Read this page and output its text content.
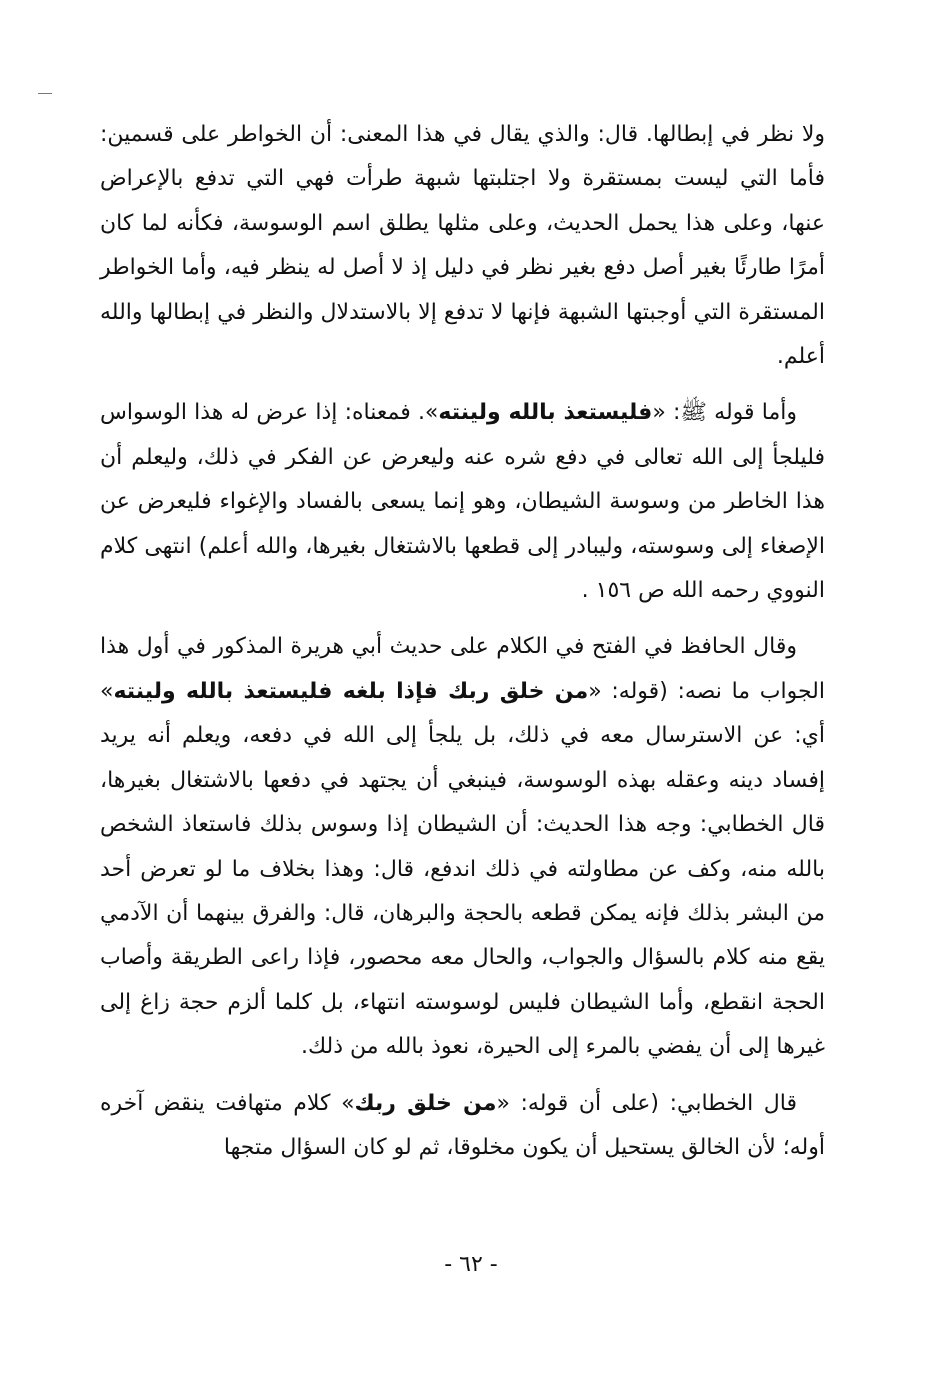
ولا نظر في إبطالها. قال: والذي يقال في هذا المعنى: أن الخواطر على قسمين: فأما التي ليست بمستقرة ولا اجتلبتها شبهة طرأت فهي التي تدفع بالإعراض عنها، وعلى هذا يحمل الحديث، وعلى مثلها يطلق اسم الوسوسة، فكأنه لما كان أمرًا طارئًا بغير أصل دفع بغير نظر في دليل إذ لا أصل له ينظر فيه، وأما الخواطر المستقرة التي أوجبتها الشبهة فإنها لا تدفع إلا بالاستدلال والنظر في إبطالها والله أعلم.

وأما قوله ﷺ: «فليستعذ بالله ولينته». فمعناه: إذا عرض له هذا الوسواس فليلجأ إلى الله تعالى في دفع شره عنه وليعرض عن الفكر في ذلك، وليعلم أن هذا الخاطر من وسوسة الشيطان، وهو إنما يسعى بالفساد والإغواء فليعرض عن الإصغاء إلى وسوسته، وليبادر إلى قطعها بالاشتغال بغيرها، والله أعلم) انتهى كلام النووي رحمه الله ص ١٥٦ .

وقال الحافظ في الفتح في الكلام على حديث أبي هريرة المذكور في أول هذا الجواب ما نصه: (قوله: «من خلق ربك فإذا بلغه فليستعذ بالله ولينته» أي: عن الاسترسال معه في ذلك، بل يلجأ إلى الله في دفعه، ويعلم أنه يريد إفساد دينه وعقله بهذه الوسوسة، فينبغي أن يجتهد في دفعها بالاشتغال بغيرها، قال الخطابي: وجه هذا الحديث: أن الشيطان إذا وسوس بذلك فاستعاذ الشخص بالله منه، وكف عن مطاولته في ذلك اندفع، قال: وهذا بخلاف ما لو تعرض أحد من البشر بذلك فإنه يمكن قطعه بالحجة والبرهان، قال: والفرق بينهما أن الآدمي يقع منه كلام بالسؤال والجواب، والحال معه محصور، فإذا راعى الطريقة وأصاب الحجة انقطع، وأما الشيطان فليس لوسوسته انتهاء، بل كلما ألزم حجة زاغ إلى غيرها إلى أن يفضي بالمرء إلى الحيرة، نعوذ بالله من ذلك.

قال الخطابي: (على أن قوله: «من خلق ربك» كلام متهافت ينقض آخره أوله؛ لأن الخالق يستحيل أن يكون مخلوقا، ثم لو كان السؤال متجها

- ٦٢ -
